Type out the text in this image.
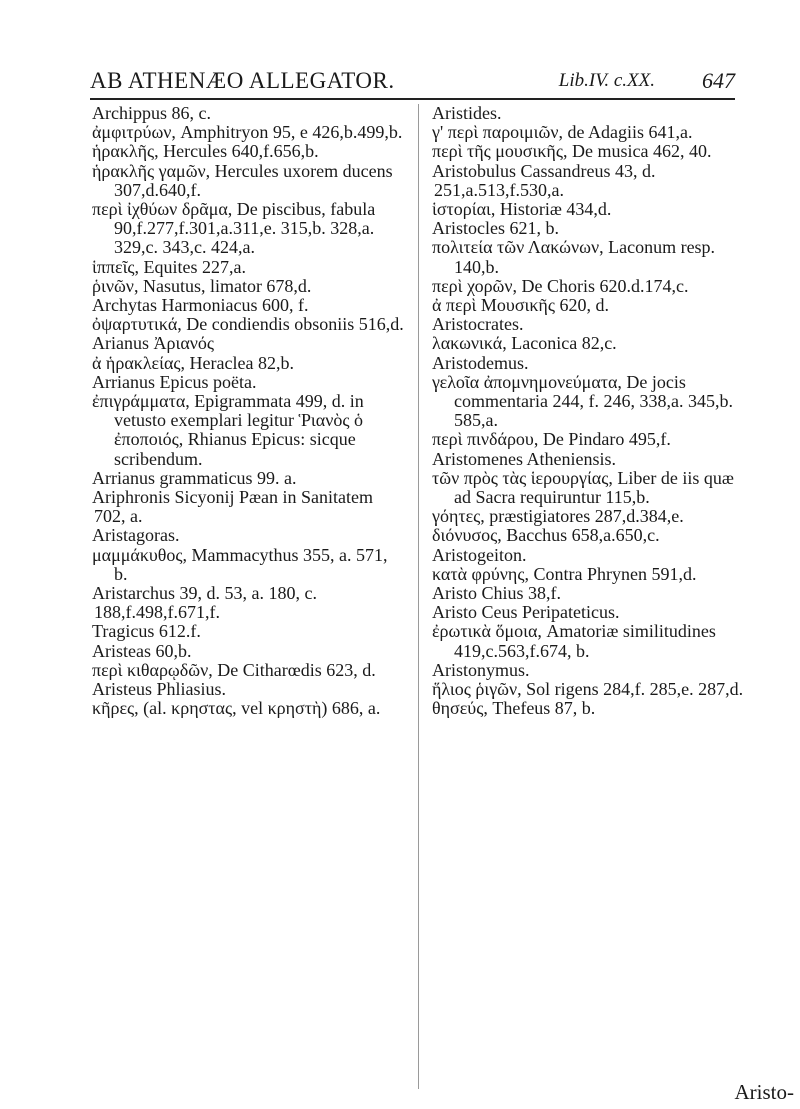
AB ATHENÆO ALLEGATOR.	Lib.IV. c.XX. 647

Archippus 86, c.

ἀμφιτρύων, Amphitryon 95, e 426,b.499,b.

ἡρακλῆς, Hercules 640,f.656,b.

ἡρακλῆς γαμῶν, Hercules uxorem ducens 307,d.640,f.

περὶ ἰχθύων δρᾶμα, De piscibus, fabula 90,f.277,f.301,a.311,e. 315,b. 328,a. 329,c. 343,c. 424,a.

ἱππεῖς, Equites 227,a.

ῥινῶν, Nasutus, limator 678,d.

Archytas Harmoniacus 600, f.

ὀψαρτυτικά, De condiendis obsoniis 516,d.

Arianus Ἀριανός

ἀ ἡρακλείας, Heraclea 82,b.

Arrianus Epicus poëta.

ἐπιγράμματα, Epigrammata 499, d. in vetusto exemplari legitur Ῥιανὸς ὁ ἐποποιός, Rhianus Epicus: sicque scribendum.

Arrianus grammaticus 99. a.

Ariphronis Sicyonij Pæan in Sanitatem 702, a.

Aristagoras.

μαμμάκυθος, Mammacythus 355, a. 571, b.

Aristarchus 39, d. 53, a. 180, c. 188,f.498,f.671,f.

Tragicus 612.f.

Aristeas 60,b.

περὶ κιθαρῳδῶν, De Citharœdis 623, d.

Aristeus Phliasius.

κῆρες, (al. κρηστας, vel κρηστὴ) 686, a.

Aristides.

γ' περὶ παροιμιῶν, de Adagiis 641,a.

περὶ τῆς μουσικῆς, De musica 462, 40.

Aristobulus Cassandreus 43, d. 251,a.513,f.530,a.

ἱστορίαι, Historiæ 434,d.

Aristocles 621, b.

πολιτεία τῶν Λακώνων, Laconum resp. 140,b.

περὶ χορῶν, De Choris 620.d.174,c.

ἀ περὶ Μουσικῆς 620, d.

Aristocrates.

λακωνικά, Laconica 82,c.

Aristodemus.

γελοῖα ἀπομνημονεύματα, De jocis commentaria 244, f. 246, 338,a. 345,b. 585,a.

περὶ πινδάρου, De Pindaro 495,f.

Aristomenes Atheniensis.

τῶν πρὸς τὰς ἱερουργίας, Liber de iis quæ ad Sacra requiruntur 115,b.

γόητες, præstigiatores 287,d.384,e.

διόνυσος, Bacchus 658,a.650,c.

Aristogeiton.

κατὰ φρύνης, Contra Phrynen 591,d.

Aristo Chius 38,f.

Aristo Ceus Peripateticus.

ἐρωτικὰ ὅμοια, Amatoriæ similitudines 419,c.563,f.674, b.

Aristonymus.

ἥλιος ῥιγῶν, Sol rigens 284,f. 285,e. 287,d.

θησεύς, Thefeus 87, b.

Aristo-
